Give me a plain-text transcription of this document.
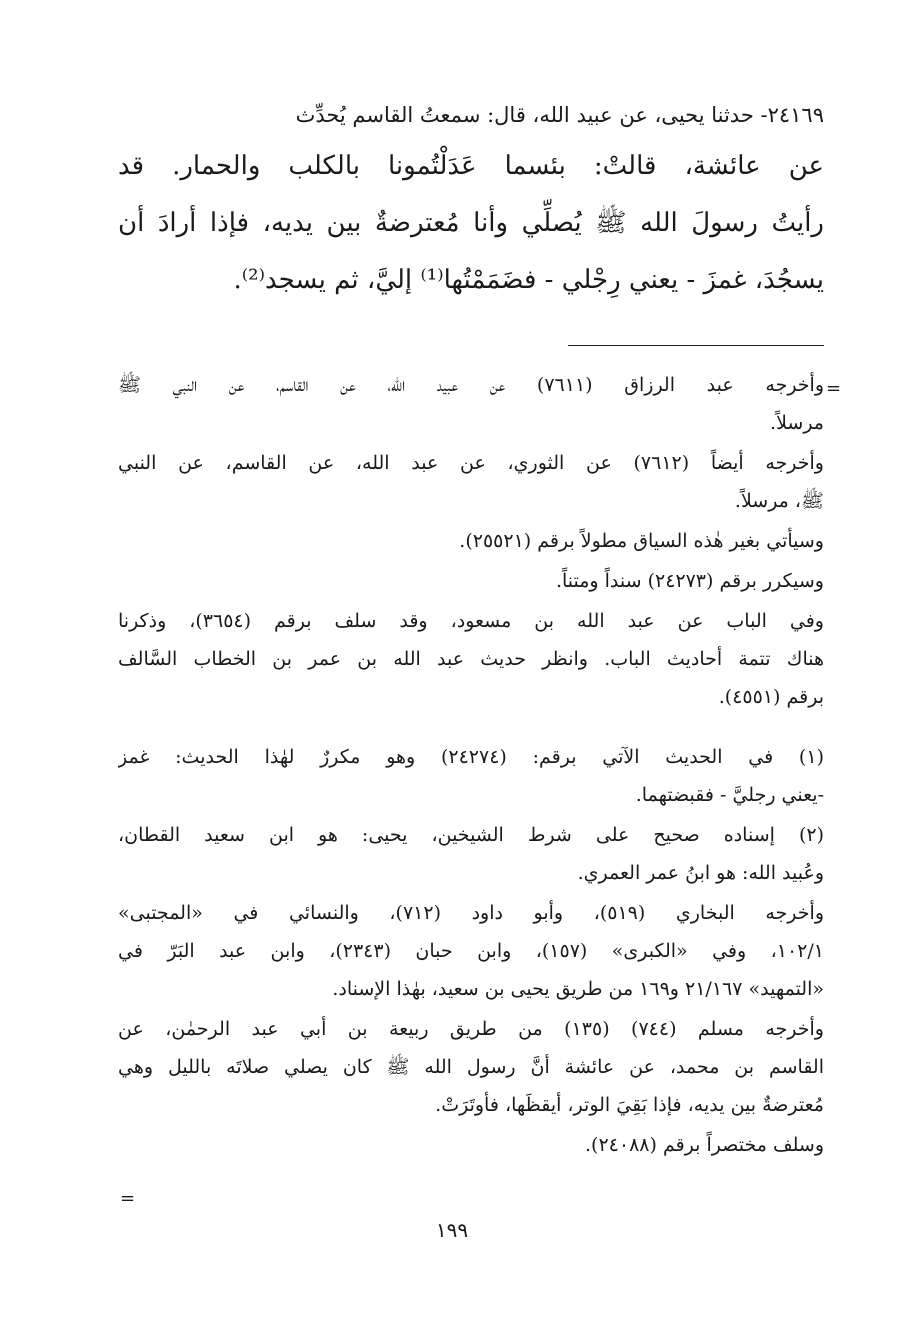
٢٤١٦٩- حدثنا يحيى، عن عبيد الله، قال: سمعتُ القاسم يُحدِّث
عن عائشة، قالتْ: بئسما عَدَلْتُمونا بالكلب والحمار. قد
رأيتُ رسولَ الله ﷺ يُصلِّي وأنا مُعترضةٌ بين يديه، فإذا أرادَ أن
يسجُدَ، غمزَ - يعني رِجْلي - فضَمَمْتُها⁽¹⁾ إليَّ، ثم يسجد⁽²⁾.
=
وأخرجه عبد الرزاق (٧٦١١) عن عبيد الله، عن القاسم، عن النبي ﷺ
مرسلاً.
وأخرجه أيضاً (٧٦١٢) عن الثوري، عن عبد الله، عن القاسم، عن النبي
ﷺ، مرسلاً.
وسيأتي بغير هٰذه السياق مطولاً برقم (٢٥٥٢١).
وسيكرر برقم (٢٤٢٧٣) سنداً ومتناً.
وفي الباب عن عبد الله بن مسعود، وقد سلف برقم (٣٦٥٤)، وذكرنا
هناك تتمة أحاديث الباب. وانظر حديث عبد الله بن عمر بن الخطاب السَّالف
برقم (٤٥٥١).
(١) في الحديث الآتي برقم: (٢٤٢٧٤) وهو مكررٌ لهٰذا الحديث: غمز
-يعني رجليَّ - فقبضتهما.
(٢) إسناده صحيح على شرط الشيخين، يحيى: هو ابن سعيد القطان،
وعُبيد الله: هو ابنُ عمر العمري.
وأخرجه البخاري (٥١٩)، وأبو داود (٧١٢)، والنسائي في «المجتبى»
١٠٢/١، وفي «الكبرى» (١٥٧)، وابن حبان (٢٣٤٣)، وابن عبد البَرّ في
«التمهيد» ٢١/١٦٧ و١٦٩ من طريق يحيى بن سعيد، بهٰذا الإسناد.
وأخرجه مسلم (٧٤٤) (١٣٥) من طريق ربيعة بن أبي عبد الرحمٰن، عن
القاسم بن محمد، عن عائشة أنَّ رسول الله ﷺ كان يصلي صلاتَه بالليل وهي
مُعترضةٌ بين يديه، فإذا بَقِيَ الوتر، أيقظَها، فأوتَرَتْ.
وسلف مختصراً برقم (٢٤٠٨٨).
=
١٩٩
